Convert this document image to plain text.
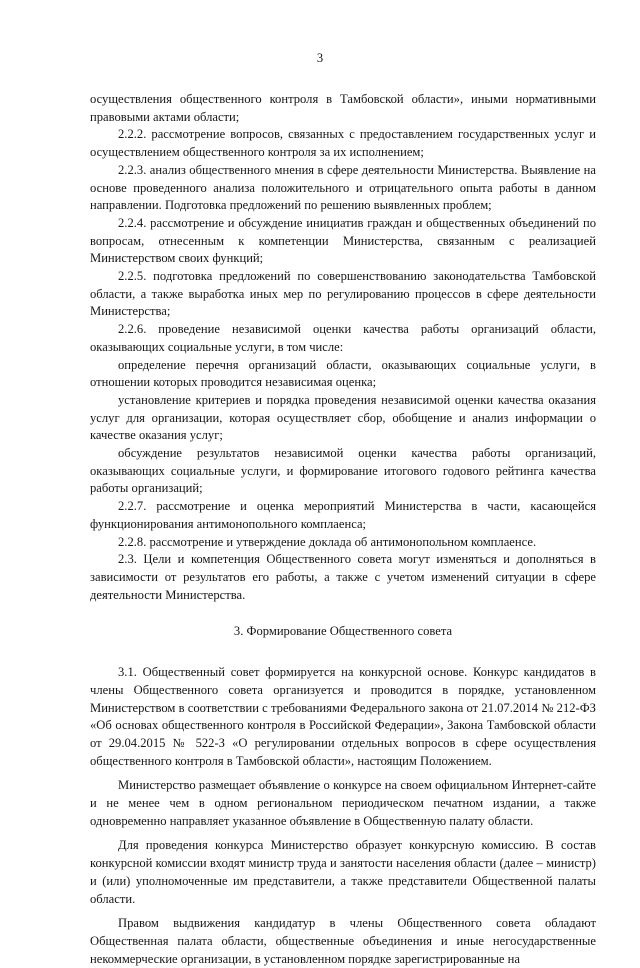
3

осуществления общественного контроля в Тамбовской области», иными нормативными правовыми актами области;

2.2.2. рассмотрение вопросов, связанных с предоставлением государственных услуг и осуществлением общественного контроля за их исполнением;

2.2.3. анализ общественного мнения в сфере деятельности Министерства. Выявление на основе проведенного анализа положительного и отрицательного опыта работы в данном направлении. Подготовка предложений по решению выявленных проблем;

2.2.4. рассмотрение и обсуждение инициатив граждан и общественных объединений по вопросам, отнесенным к компетенции Министерства, связанным с реализацией Министерством своих функций;

2.2.5. подготовка предложений по совершенствованию законодательства Тамбовской области, а также выработка иных мер по регулированию процессов в сфере деятельности Министерства;

2.2.6. проведение независимой оценки качества работы организаций области, оказывающих социальные услуги, в том числе:

определение перечня организаций области, оказывающих социальные услуги, в отношении которых проводится независимая оценка;

установление критериев и порядка проведения независимой оценки качества оказания услуг для организации, которая осуществляет сбор, обобщение и анализ информации о качестве оказания услуг;

обсуждение результатов независимой оценки качества работы организаций, оказывающих социальные услуги, и формирование итогового годового рейтинга качества работы организаций;

2.2.7. рассмотрение и оценка мероприятий Министерства в части, касающейся функционирования антимонопольного комплаенса;

2.2.8. рассмотрение и утверждение доклада об антимонопольном комплаенсе.

2.3. Цели и компетенция Общественного совета могут изменяться и дополняться в зависимости от результатов его работы, а также с учетом изменений ситуации в сфере деятельности Министерства.

3. Формирование Общественного совета

3.1. Общественный совет формируется на конкурсной основе. Конкурс кандидатов в члены Общественного совета организуется и проводится в порядке, установленном Министерством в соответствии с требованиями Федерального закона от 21.07.2014 № 212-ФЗ «Об основах общественного контроля в Российской Федерации», Закона Тамбовской области от 29.04.2015 № 522-З «О регулировании отдельных вопросов в сфере осуществления общественного контроля в Тамбовской области», настоящим Положением.

Министерство размещает объявление о конкурсе на своем официальном Интернет-сайте и не менее чем в одном региональном периодическом печатном издании, а также одновременно направляет указанное объявление в Общественную палату области.

Для проведения конкурса Министерство образует конкурсную комиссию. В состав конкурсной комиссии входят министр труда и занятости населения области (далее – министр) и (или) уполномоченные им представители, а также представители Общественной палаты области.

Правом выдвижения кандидатур в члены Общественного совета обладают Общественная палата области, общественные объединения и иные негосударственные некоммерческие организации, в установленном порядке зарегистрированные на
